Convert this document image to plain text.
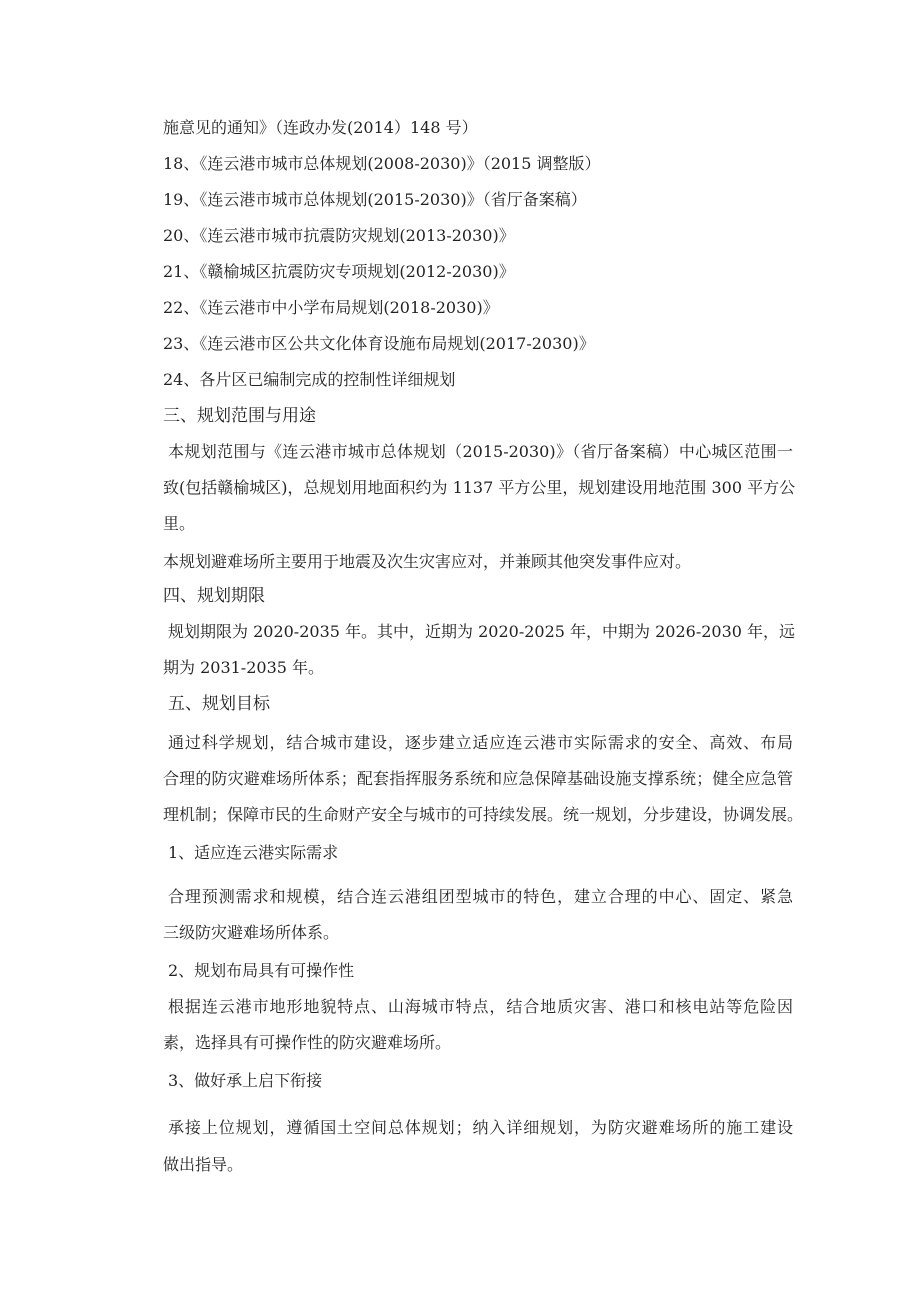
施意见的通知》（连政办发(2014）148 号）
18、《连云港市城市总体规划(2008-2030)》（2015 调整版）
19、《连云港市城市总体规划(2015-2030)》（省厅备案稿）
20、《连云港市城市抗震防灾规划(2013-2030)》
21、《赣榆城区抗震防灾专项规划(2012-2030)》
22、《连云港市中小学布局规划(2018-2030)》
23、《连云港市区公共文化体育设施布局规划(2017-2030)》
24、各片区已编制完成的控制性详细规划
三、规划范围与用途
本规划范围与《连云港市城市总体规划（2015-2030)》（省厅备案稿）中心城区范围一
致(包括赣榆城区)，总规划用地面积约为 1137 平方公里，规划建设用地范围 300 平方公
里。
本规划避难场所主要用于地震及次生灾害应对，并兼顾其他突发事件应对。
四、规划期限
规划期限为 2020-2035 年。其中，近期为 2020-2025 年，中期为 2026-2030 年，远
期为 2031-2035 年。
五、规划目标
通过科学规划，结合城市建设，逐步建立适应连云港市实际需求的安全、高效、布局
合理的防灾避难场所体系；配套指挥服务系统和应急保障基础设施支撑系统；健全应急管
理机制；保障市民的生命财产安全与城市的可持续发展。统一规划，分步建设，协调发展。
1、适应连云港实际需求
合理预测需求和规模，结合连云港组团型城市的特色，建立合理的中心、固定、紧急
三级防灾避难场所体系。
2、规划布局具有可操作性
根据连云港市地形地貌特点、山海城市特点，结合地质灾害、港口和核电站等危险因
素，选择具有可操作性的防灾避难场所。
3、做好承上启下衔接
承接上位规划，遵循国土空间总体规划；纳入详细规划，为防灾避难场所的施工建设
做出指导。
